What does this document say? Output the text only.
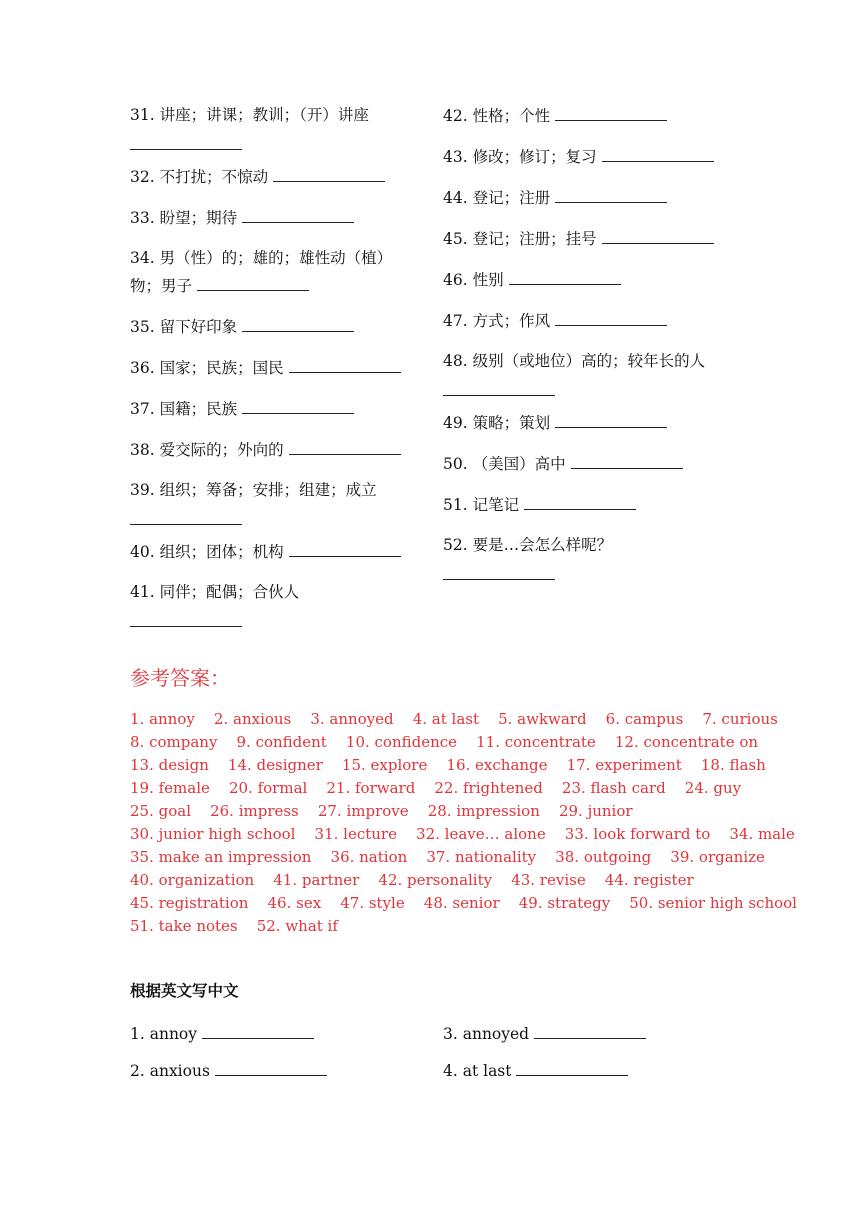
31. 讲座；讲课；教训；（开）讲座
32. 不打扰；不惊动
33. 盼望；期待
34. 男（性）的；雄的；雄性动（植）物；男子
35. 留下好印象
36. 国家；民族；国民
37. 国籍；民族
38. 爱交际的；外向的
39. 组织；筹备；安排；组建；成立
40. 组织；团体；机构
41. 同伴；配偶；合伙人
42. 性格；个性
43. 修改；修订；复习
44. 登记；注册
45. 登记；注册；挂号
46. 性别
47. 方式；作风
48. 级别（或地位）高的；较年长的人
49. 策略；策划
50. （美国）高中
51. 记笔记
52. 要是…会怎么样呢？
参考答案：
1. annoy    2. anxious    3. annoyed    4. at last    5. awkward    6. campus    7. curious
8. company    9. confident    10. confidence    11. concentrate    12. concentrate on
13. design    14. designer    15. explore    16. exchange    17. experiment    18. flash
19. female    20. formal    21. forward    22. frightened    23. flash card    24. guy
25. goal    26. impress    27. improve    28. impression    29. junior
30. junior high school    31. lecture    32. leave… alone    33. look forward to    34. male
35. make an impression    36. nation    37. nationality    38. outgoing    39. organize
40. organization    41. partner    42. personality    43. revise    44. register
45. registration    46. sex    47. style    48. senior    49. strategy    50. senior high school
51. take notes    52. what if
根据英文写中文
1. annoy	3. annoyed
2. anxious	4. at last
